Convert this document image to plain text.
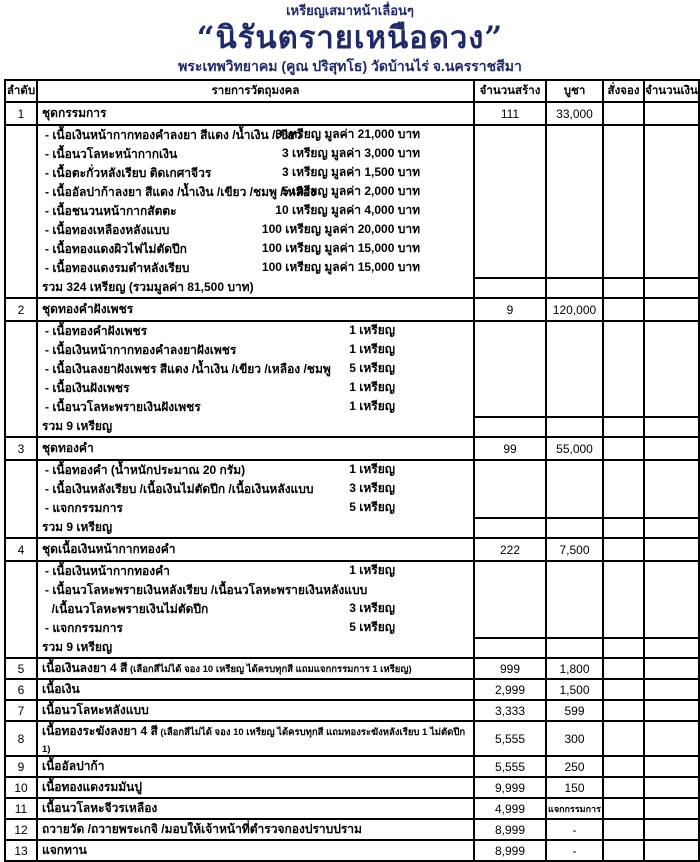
เหรียญเสมาหน้าเลื่อนๆ
“นิรันตรายเหนือดวง”
พระเทพวิทยาคม (คูณ ปริสุทโธ) วัดบ้านไร่ จ.นครราชสีมา
ลำดับ	รายการวัตถุมงคล	จำนวนสร้าง	บูชา	สั่งจอง	จำนวนเงิน
1	ชุดกรรมการ	111	33,000		
	- เนื้อเงินหน้ากากทองคำลงยา สีแดง /น้ำเงิน /เขียว
3 เหรียญ มูลค่า 21,000 บาท				

	- เนื้อนวโลหะหน้ากากเงิน 3 เหรียญ มูลค่า 3,000 บาท				

	- เนื้อตะกั่วหลังเรียบ ติดเกศาจีวร 3 เหรียญ มูลค่า 1,500 บาท				

	- เนื้ออัลปาก้าลงยา สีแดง /น้ำเงิน /เขียว /ชมพู /เหลือง
5 เหรียญ มูลค่า 2,000 บาท				

	- เนื้อชนวนหน้ากากสัตตะ 10 เหรียญ มูลค่า 4,000 บาท				

	- เนื้อทองเหลืองหลังแบบ 100 เหรียญ มูลค่า 20,000 บาท				

	- เนื้อทองแดงผิวไฟไม่ตัดปีก 100 เหรียญ มูลค่า 15,000 บาท				

	- เนื้อทองแดงรมดำหลังเรียบ 100 เหรียญ มูลค่า 15,000 บาท				

	รวม 324 เหรียญ (รวมมูลค่า 81,500 บาท)				
2	ชุดทองคำฝังเพชร	9	120,000		
	- เนื้อทองคำฝังเพชร 1 เหรียญ				

	- เนื้อเงินหน้ากากทองคำลงยาฝังเพชร 1 เหรียญ				

	- เนื้อเงินลงยาฝังเพชร สีแดง /น้ำเงิน /เขียว /เหลือง /ชมพู 5 เหรียญ				

	- เนื้อเงินฝังเพชร 1 เหรียญ				

	- เนื้อนวโลหะพรายเงินฝังเพชร 1 เหรียญ				

	รวม 9 เหรียญ				
3	ชุดทองคำ	99	55,000		
	- เนื้อทองคำ (น้ำหนักประมาณ 20 กรัม) 1 เหรียญ				

	- เนื้อเงินหลังเรียบ /เนื้อเงินไม่ตัดปีก /เนื้อเงินหลังแบบ 3 เหรียญ				

	- แจกกรรมการ 5 เหรียญ				

	รวม 9 เหรียญ				
4	ชุดเนื้อเงินหน้ากากทองคำ	222	7,500		
	- เนื้อเงินหน้ากากทองคำ 1 เหรียญ				

	- เนื้อนวโลหะพรายเงินหลังเรียบ /เนื้อนวโลหะพรายเงินหลังแบบ				
	/เนื้อนวโลหะพรายเงินไม่ตัดปีก 3 เหรียญ				

	- แจกกรรมการ 5 เหรียญ				

	รวม 9 เหรียญ				
5	เนื้อเงินลงยา 4 สี (เลือกสีไม่ได้ จอง 10 เหรียญ ได้ครบทุกสี แถมแจกกรรมการ 1 เหรียญ)	999	1,800		
6	เนื้อเงิน	2,999	1,500		
7	เนื้อนวโลหะหลังแบบ	3,333	599		
8	เนื้อทองระฆังลงยา 4 สี (เลือกสีไม่ได้ จอง 10 เหรียญ ได้ครบทุกสี แถมทองระฆังหลังเรียบ 1 ไม่ตัดปีก 1)	5,555	300		
9	เนื้ออัลปาก้า	5,555	250		
10	เนื้อทองแดงรมมันปู	9,999	150		
11	เนื้อนวโลหะจีวรเหลือง	4,999	แจกกรรมการ		
12	ถวายวัด /ถวายพระเกจิ /มอบให้เจ้าหน้าที่ตำรวจกองปราบปราม	8,999	-		
13	แจกทาน	8,999	-		
